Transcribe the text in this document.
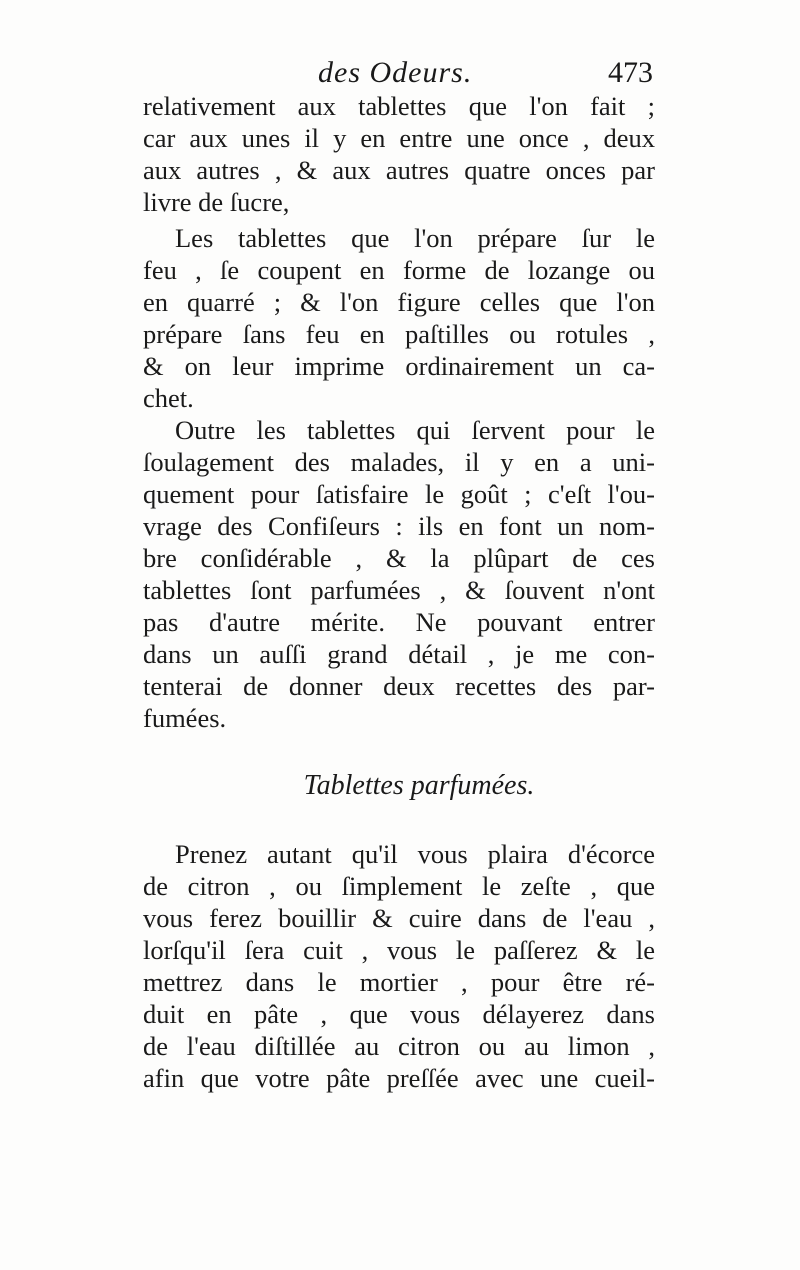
des Odeurs.	473
relativement aux tablettes que l'on fait ;
car aux unes il y en entre une once , deux
aux autres , & aux autres quatre onces par
livre de ſucre,
Les tablettes que l'on prépare ſur le
feu , ſe coupent en forme de lozange ou
en quarré ; & l'on figure celles que l'on
prépare ſans feu en paſtilles ou rotules ,
& on leur imprime ordinairement un ca-
chet.
Outre les tablettes qui ſervent pour le
ſoulagement des malades, il y en a uni-
quement pour ſatisfaire le goût ; c'eſt l'ou-
vrage des Confiſeurs : ils en font un nom-
bre conſidérable , & la plûpart de ces
tablettes ſont parfumées , & ſouvent n'ont
pas d'autre mérite. Ne pouvant entrer
dans un auſſi grand détail , je me con-
tenterai de donner deux recettes des par-
fumées.
Tablettes parfumées.
Prenez autant qu'il vous plaira d'écorce
de citron , ou ſimplement le zeſte , que
vous ferez bouillir & cuire dans de l'eau ,
lorſqu'il ſera cuit , vous le paſſerez & le
mettrez dans le mortier , pour être ré-
duit en pâte , que vous délayerez dans
de l'eau diſtillée au citron ou au limon ,
afin que votre pâte preſſée avec une cueil-
